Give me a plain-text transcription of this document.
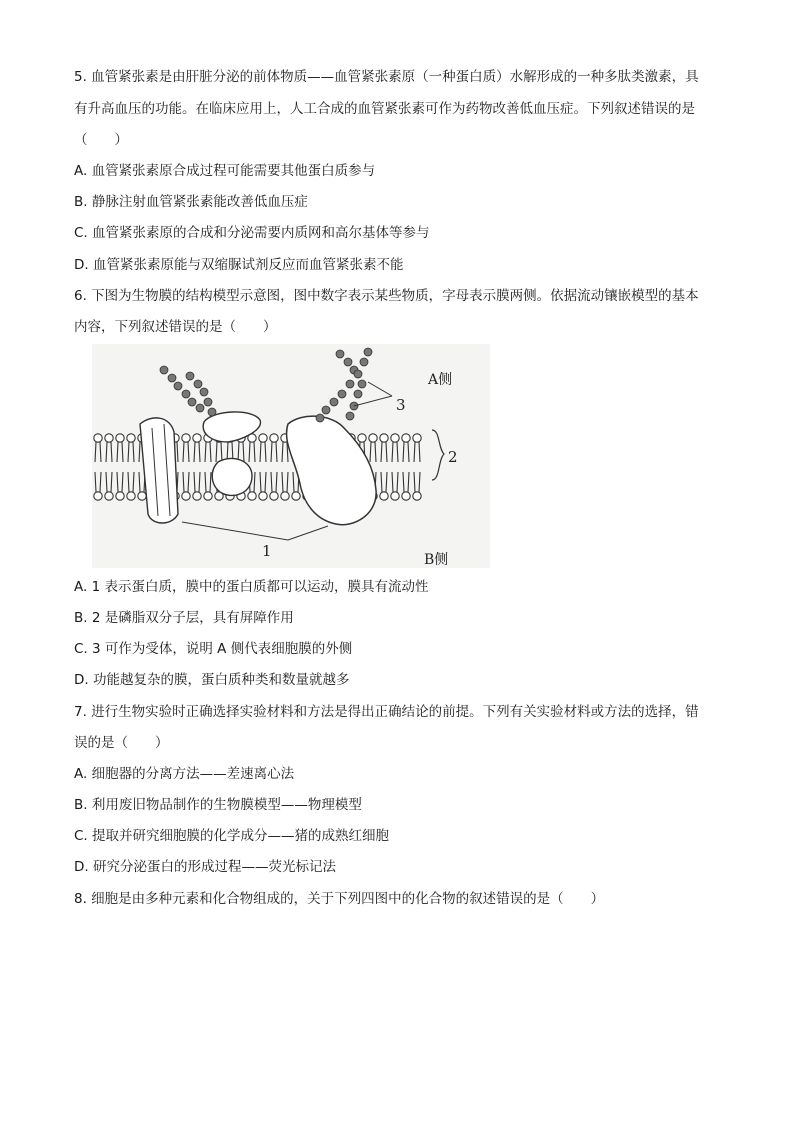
5. 血管紧张素是由肝脏分泌的前体物质——血管紧张素原（一种蛋白质）水解形成的一种多肽类激素，具
有升高血压的功能。在临床应用上，人工合成的血管紧张素可作为药物改善低血压症。下列叙述错误的是
（　　）
A. 血管紧张素原合成过程可能需要其他蛋白质参与
B. 静脉注射血管紧张素能改善低血压症
C. 血管紧张素原的合成和分泌需要内质网和高尔基体等参与
D. 血管紧张素原能与双缩脲试剂反应而血管紧张素不能
6. 下图为生物膜的结构模型示意图，图中数字表示某些物质，字母表示膜两侧。依据流动镶嵌模型的基本
内容，下列叙述错误的是（　　）
3
A侧
2
1	B侧
A. 1 表示蛋白质，膜中的蛋白质都可以运动，膜具有流动性
B. 2 是磷脂双分子层，具有屏障作用
C. 3 可作为受体，说明 A 侧代表细胞膜的外侧
D. 功能越复杂的膜，蛋白质种类和数量就越多
7. 进行生物实验时正确选择实验材料和方法是得出正确结论的前提。下列有关实验材料或方法的选择，错
误的是（　　）
A. 细胞器的分离方法——差速离心法
B. 利用废旧物品制作的生物膜模型——物理模型
C. 提取并研究细胞膜的化学成分——猪的成熟红细胞
D. 研究分泌蛋白的形成过程——荧光标记法
8. 细胞是由多种元素和化合物组成的，关于下列四图中的化合物的叙述错误的是（　　）
